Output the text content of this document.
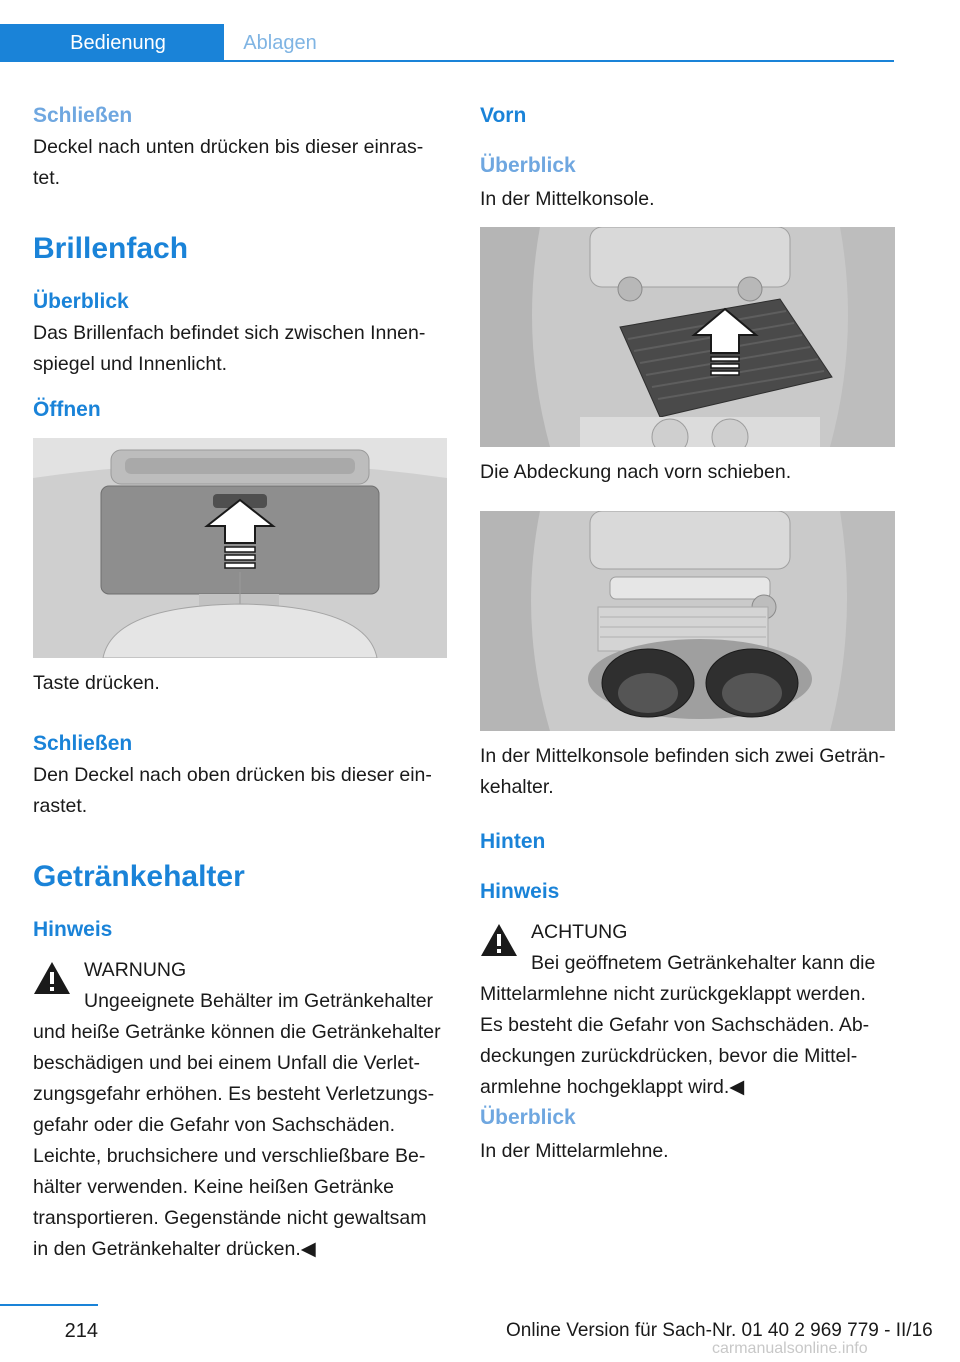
Bedienung	Ablagen
Schließen
Deckel nach unten drücken bis dieser einras‐
tet.
Brillenfach
Überblick
Das Brillenfach befindet sich zwischen Innen‐
spiegel und Innenlicht.
Öffnen
Taste drücken.
Schließen
Den Deckel nach oben drücken bis dieser ein‐
rastet.
Getränkehalter
Hinweis
WARNUNG
Ungeeignete Behälter im Getränkehalter
und heiße Getränke können die Getränkehalter
beschädigen und bei einem Unfall die Verlet‐
zungsgefahr erhöhen. Es besteht Verletzungs‐
gefahr oder die Gefahr von Sachschäden.
Leichte, bruchsichere und verschließbare Be‐
hälter verwenden. Keine heißen Getränke
transportieren. Gegenstände nicht gewaltsam
in den Getränkehalter drücken.◀
Vorn
Überblick
In der Mittelkonsole.
Die Abdeckung nach vorn schieben.
In der Mittelkonsole befinden sich zwei Geträn‐
kehalter.
Hinten
Hinweis
ACHTUNG
Bei geöffnetem Getränkehalter kann die
Mittelarmlehne nicht zurückgeklappt werden.
Es besteht die Gefahr von Sachschäden. Ab‐
deckungen zurückdrücken, bevor die Mittel‐
armlehne hochgeklappt wird.◀
Überblick
In der Mittelarmlehne.
214	Online Version für Sach-Nr. 01 40 2 969 779 - II/16
carmanualsonline.info
